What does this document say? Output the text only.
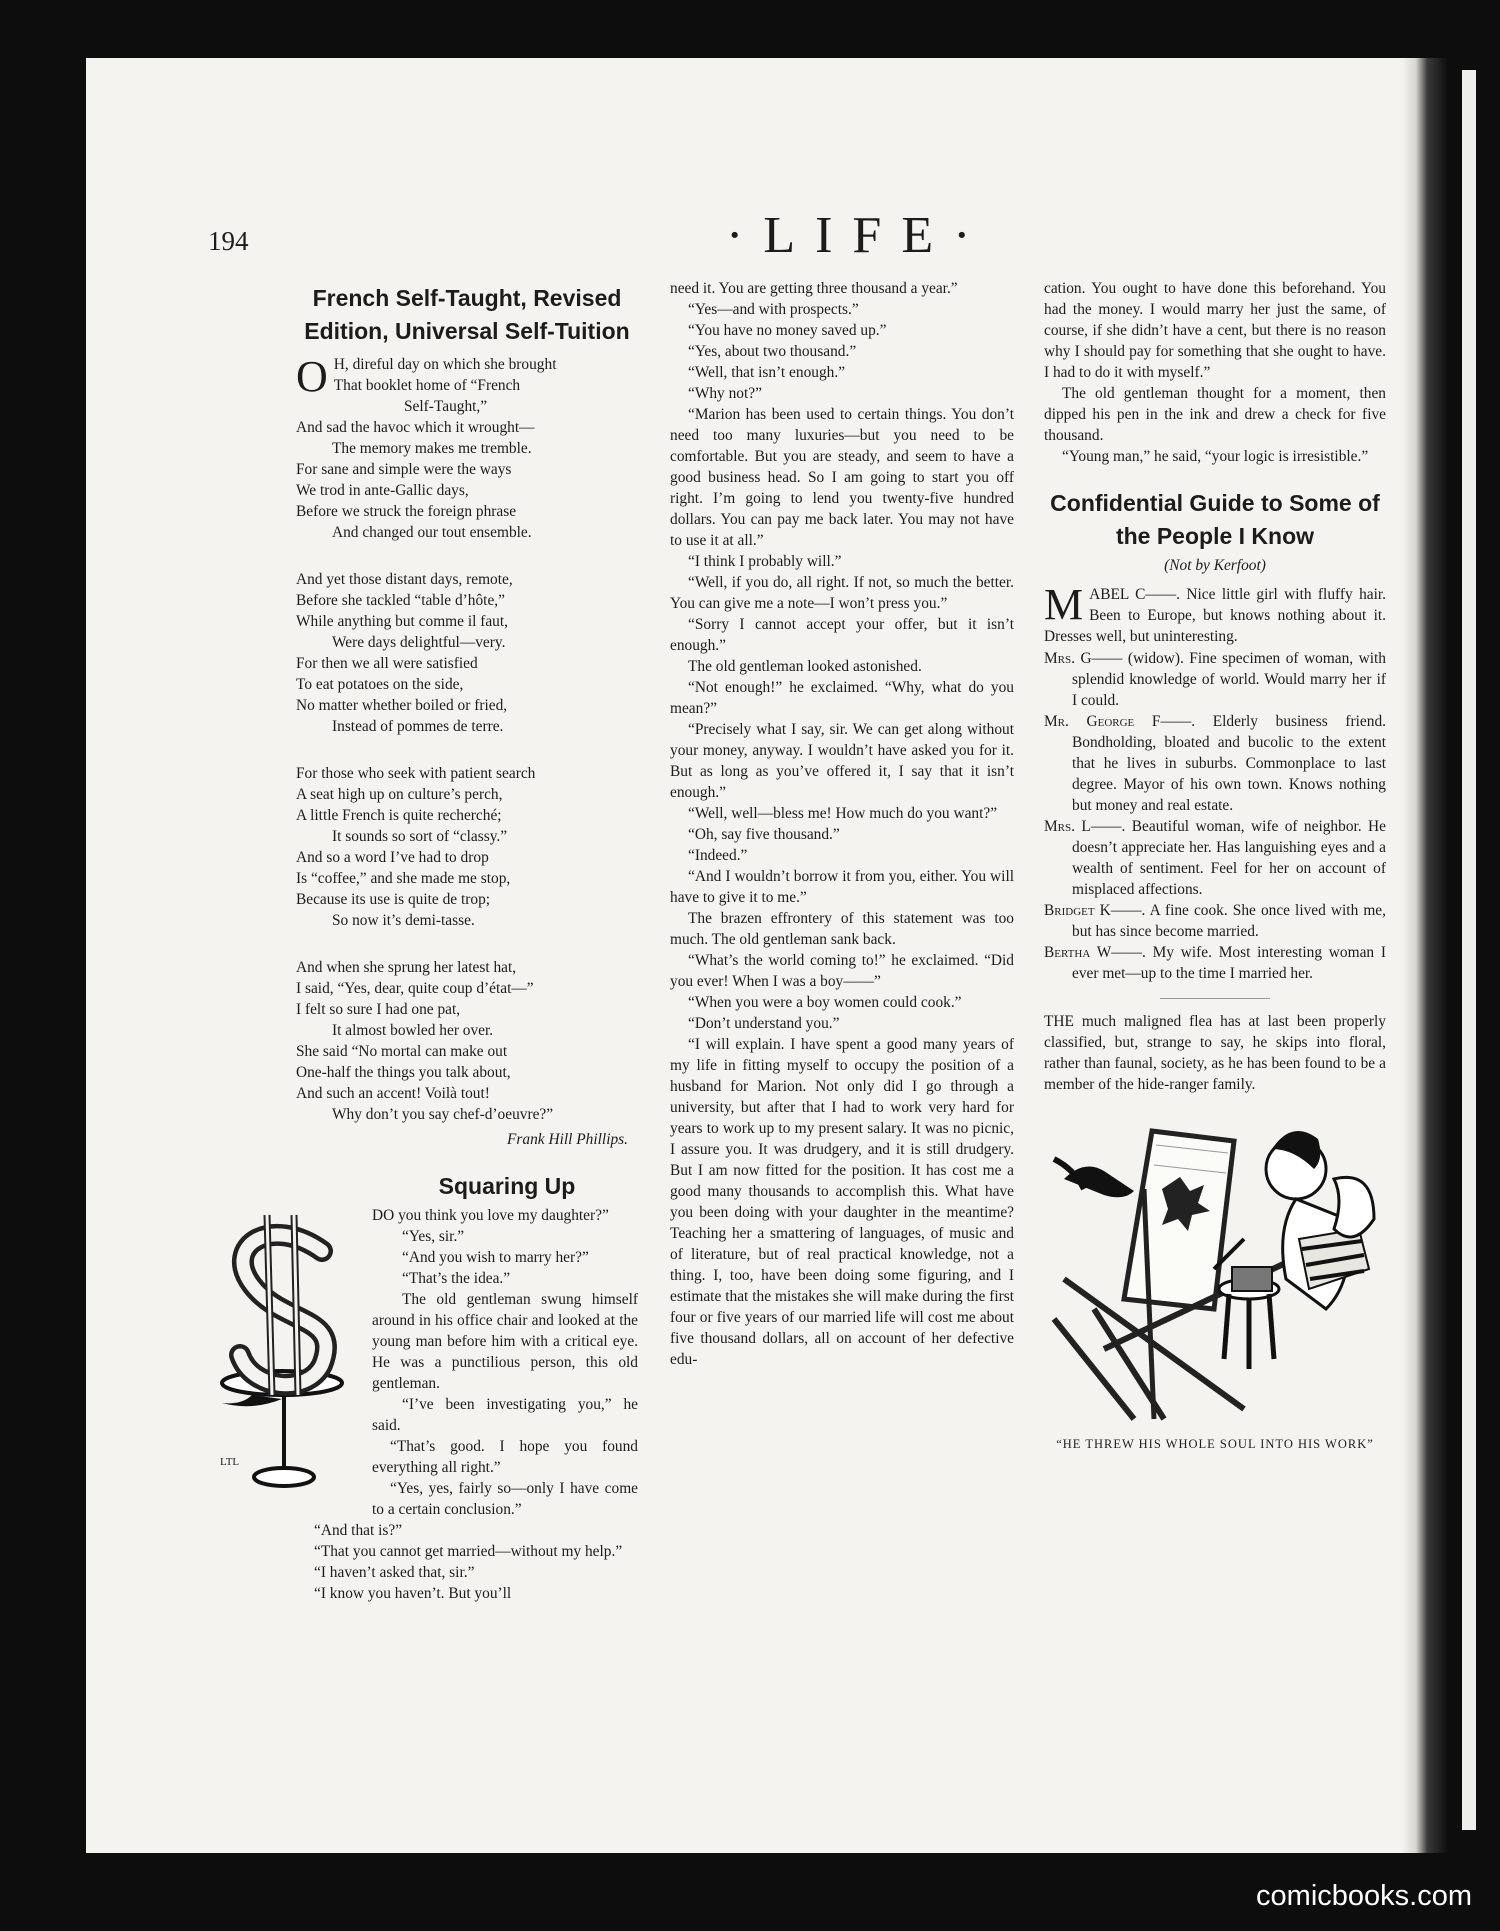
194	·LIFE·
French Self-Taught, Revised Edition, Universal Self-Tuition
O H, direful day on which she brought
That booklet home of “French
Self-Taught,”
And sad the havoc which it wrought—
The memory makes me tremble.
For sane and simple were the ways
We trod in ante-Gallic days,
Before we struck the foreign phrase
And changed our tout ensemble.
And yet those distant days, remote,
Before she tackled “table d’hôte,”
While anything but comme il faut,
Were days delightful—very.
For then we all were satisfied
To eat potatoes on the side,
No matter whether boiled or fried,
Instead of pommes de terre.
For those who seek with patient search
A seat high up on culture’s perch,
A little French is quite recherché;
It sounds so sort of “classy.”
And so a word I’ve had to drop
Is “coffee,” and she made me stop,
Because its use is quite de trop;
So now it’s demi-tasse.
And when she sprung her latest hat,
I said, “Yes, dear, quite coup d’état—”
I felt so sure I had one pat,
It almost bowled her over.
She said “No mortal can make out
One-half the things you talk about,
And such an accent! Voilà tout!
Why don’t you say chef-d’oeuvre?”
Frank Hill Phillips.
Squaring Up
LTL

DO you think you love my daughter?”

“Yes, sir.”

“And you wish to marry her?”

“That’s the idea.”

The old gentleman swung himself around in his office chair and looked at the young man before him with a critical eye. He was a punctilious person, this old gentleman.

“I’ve been investigating you,” he said.

“That’s good. I hope you found everything all right.”

“Yes, yes, fairly so—only I have come to a certain conclusion.”

“And that is?”

“That you cannot get married—without my help.”

“I haven’t asked that, sir.”

“I know you haven’t. But you’ll

need it. You are getting three thousand a year.”

“Yes—and with prospects.”

“You have no money saved up.”

“Yes, about two thousand.”

“Well, that isn’t enough.”

“Why not?”

“Marion has been used to certain things. You don’t need too many luxuries—but you need to be comfortable. But you are steady, and seem to have a good business head. So I am going to start you off right. I’m going to lend you twenty-five hundred dollars. You can pay me back later. You may not have to use it at all.”

“I think I probably will.”

“Well, if you do, all right. If not, so much the better. You can give me a note—I won’t press you.”

“Sorry I cannot accept your offer, but it isn’t enough.”

The old gentleman looked astonished.

“Not enough!” he exclaimed. “Why, what do you mean?”

“Precisely what I say, sir. We can get along without your money, anyway. I wouldn’t have asked you for it. But as long as you’ve offered it, I say that it isn’t enough.”

“Well, well—bless me! How much do you want?”

“Oh, say five thousand.”

“Indeed.”

“And I wouldn’t borrow it from you, either. You will have to give it to me.”

The brazen effrontery of this statement was too much. The old gentleman sank back.

“What’s the world coming to!” he exclaimed. “Did you ever! When I was a boy——”

“When you were a boy women could cook.”

“Don’t understand you.”

“I will explain. I have spent a good many years of my life in fitting myself to occupy the position of a husband for Marion. Not only did I go through a university, but after that I had to work very hard for years to work up to my present salary. It was no picnic, I assure you. It was drudgery, and it is still drudgery. But I am now fitted for the position. It has cost me a good many thousands to accomplish this. What have you been doing with your daughter in the meantime? Teaching her a smattering of languages, of music and of literature, but of real practical knowledge, not a thing. I, too, have been doing some figuring, and I estimate that the mistakes she will make during the first four or five years of our married life will cost me about five thousand dollars, all on account of her defective edu-

cation. You ought to have done this beforehand. You had the money. I would marry her just the same, of course, if she didn’t have a cent, but there is no reason why I should pay for something that she ought to have. I had to do it with myself.”

The old gentleman thought for a moment, then dipped his pen in the ink and drew a check for five thousand.

“Young man,” he said, “your logic is irresistible.”

Confidential Guide to Some of the People I Know
(Not by Kerfoot)
M ABEL C——. Nice little girl with fluffy hair. Been to Europe, but knows nothing about it. Dresses well, but uninteresting.
Mrs. G—— (widow). Fine specimen of woman, with splendid knowledge of world. Would marry her if I could.
Mr. George F——. Elderly business friend. Bondholding, bloated and bucolic to the extent that he lives in suburbs. Commonplace to last degree. Mayor of his own town. Knows nothing but money and real estate.
Mrs. L——. Beautiful woman, wife of neighbor. He doesn’t appreciate her. Has languishing eyes and a wealth of sentiment. Feel for her on account of misplaced affections.
Bridget K——. A fine cook. She once lived with me, but has since become married.
Bertha W——. My wife. Most interesting woman I ever met—up to the time I married her.

THE much maligned flea has at last been properly classified, but, strange to say, he skips into floral, rather than faunal, society, as he has been found to be a member of the hide-ranger family.

“HE THREW HIS WHOLE SOUL INTO HIS WORK”
comicbooks.com
